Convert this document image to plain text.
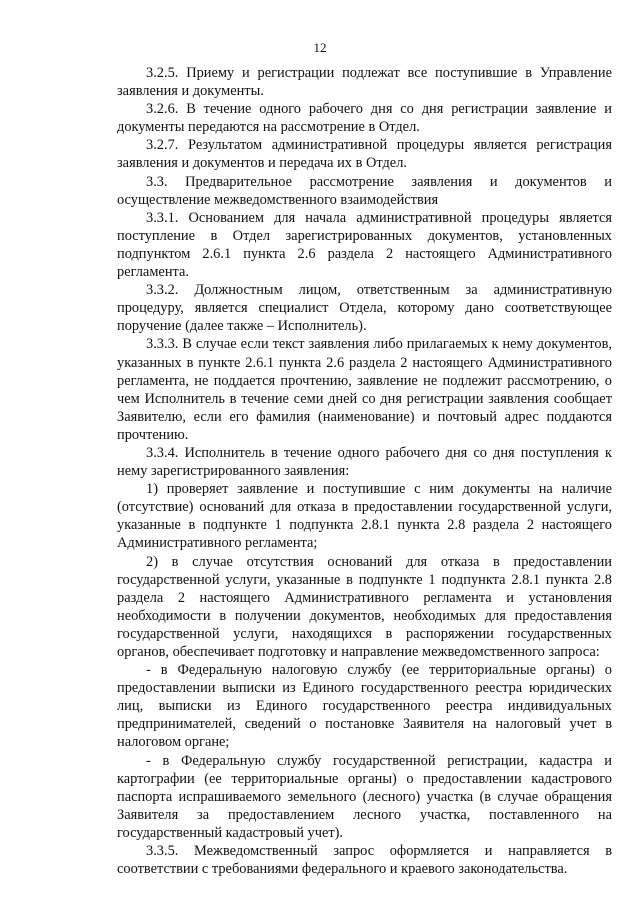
12

3.2.5. Приему и регистрации подлежат все поступившие в Управление заявления и документы.

3.2.6. В течение одного рабочего дня со дня регистрации заявление и документы передаются на рассмотрение в Отдел.

3.2.7. Результатом административной процедуры является регистрация заявления и документов и передача их в Отдел.

3.3. Предварительное рассмотрение заявления и документов и осуществление межведомственного взаимодействия

3.3.1. Основанием для начала административной процедуры является поступление в Отдел зарегистрированных документов, установленных подпунктом 2.6.1 пункта 2.6 раздела 2 настоящего Административного регламента.

3.3.2. Должностным лицом, ответственным за административную процедуру, является специалист Отдела, которому дано соответствующее поручение (далее также – Исполнитель).

3.3.3. В случае если текст заявления либо прилагаемых к нему документов, указанных в пункте 2.6.1 пункта 2.6 раздела 2 настоящего Административного регламента, не поддается прочтению, заявление не подлежит рассмотрению, о чем Исполнитель в течение семи дней со дня регистрации заявления сообщает Заявителю, если его фамилия (наименование) и почтовый адрес поддаются прочтению.

3.3.4. Исполнитель в течение одного рабочего дня со дня поступления к нему зарегистрированного заявления:

1) проверяет заявление и поступившие с ним документы на наличие (отсутствие) оснований для отказа в предоставлении государственной услуги, указанные в подпункте 1 подпункта 2.8.1 пункта 2.8 раздела 2 настоящего Административного регламента;

2) в случае отсутствия оснований для отказа в предоставлении государственной услуги, указанные в подпункте 1 подпункта 2.8.1 пункта 2.8 раздела 2 настоящего Административного регламента и установления необходимости в получении документов, необходимых для предоставления государственной услуги, находящихся в распоряжении государственных органов, обеспечивает подготовку и направление межведомственного запроса:

- в Федеральную налоговую службу (ее территориальные органы) о предоставлении выписки из Единого государственного реестра юридических лиц, выписки из Единого государственного реестра индивидуальных предпринимателей, сведений о постановке Заявителя на налоговый учет в налоговом органе;

- в Федеральную службу государственной регистрации, кадастра и картографии (ее территориальные органы) о предоставлении кадастрового паспорта испрашиваемого земельного (лесного) участка (в случае обращения Заявителя за предоставлением лесного участка, поставленного на государственный кадастровый учет).

3.3.5. Межведомственный запрос оформляется и направляется в соответствии с требованиями федерального и краевого законодательства.
